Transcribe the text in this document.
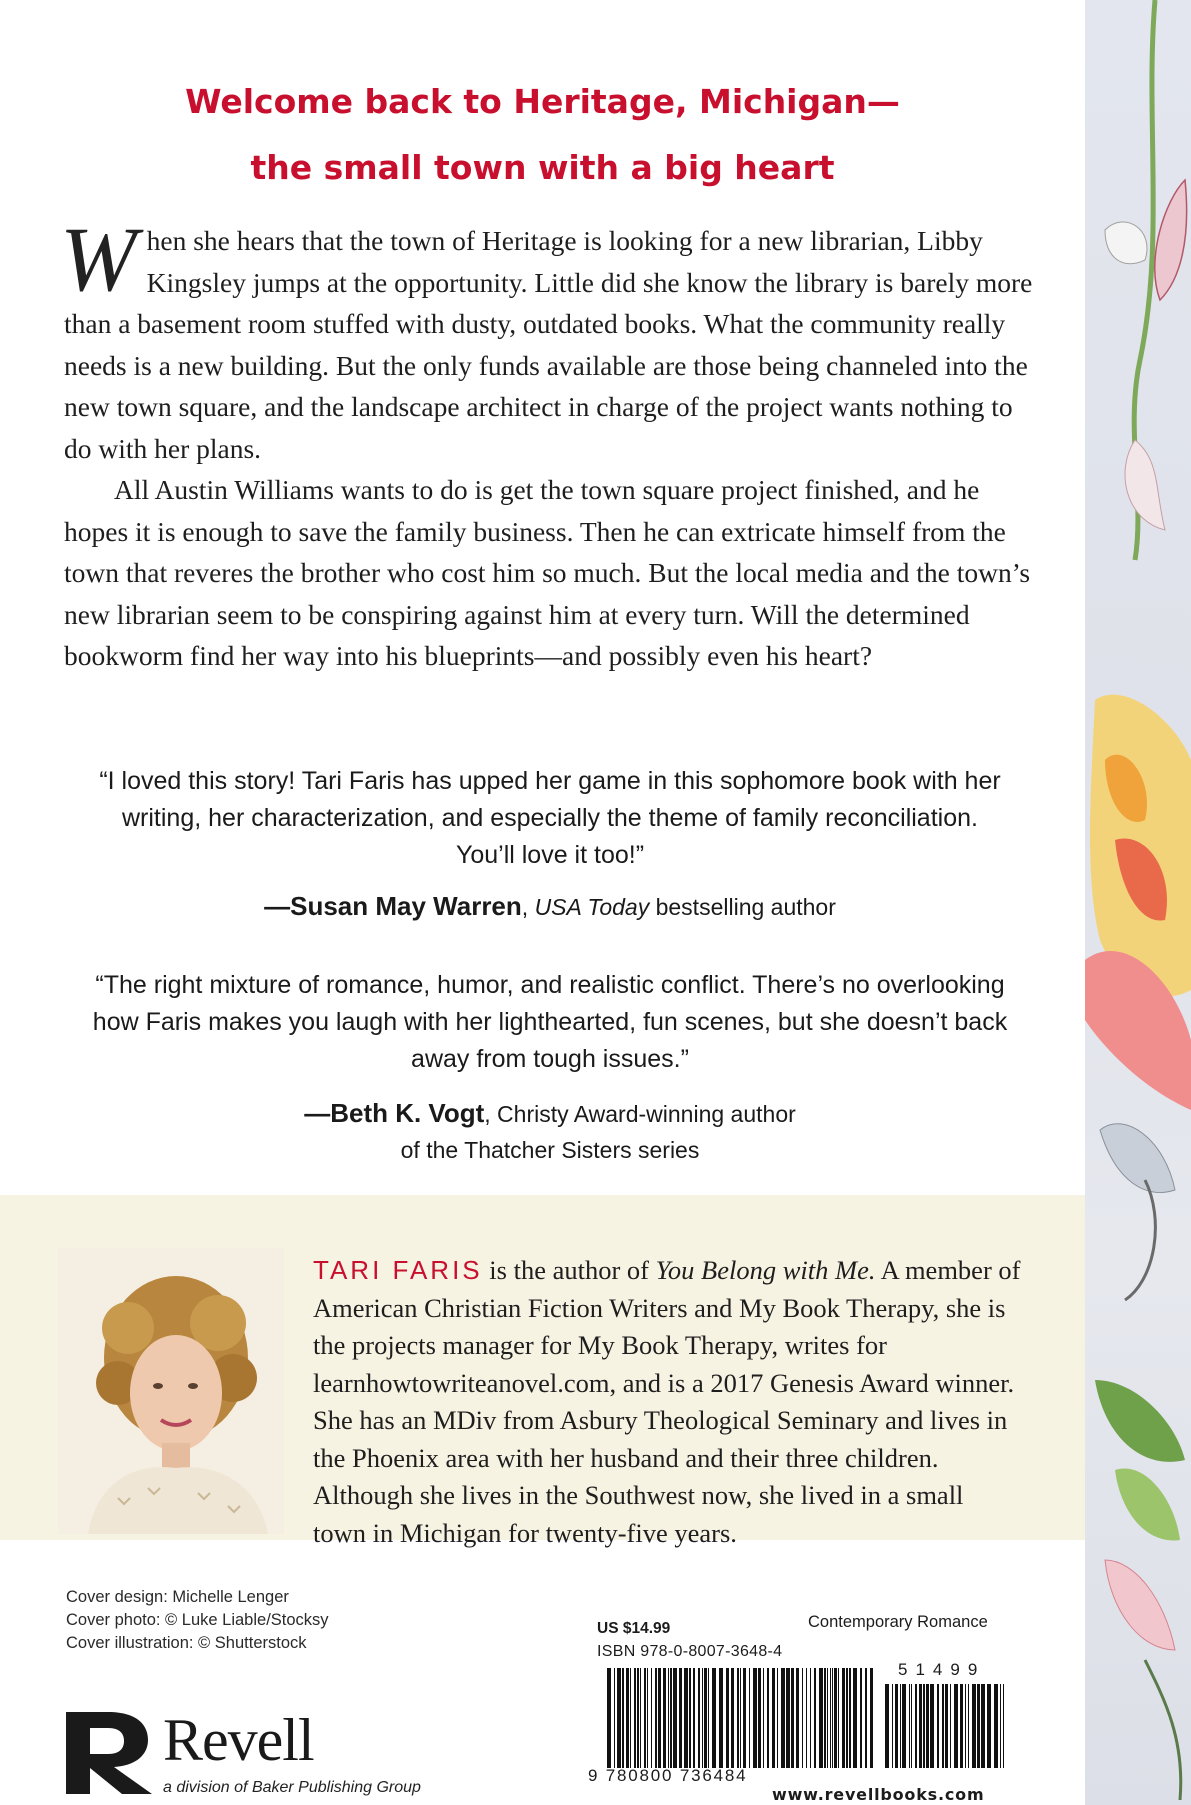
Welcome back to Heritage, Michigan—

the small town with a big heart

When she hears that the town of Heritage is looking for a new librarian, Libby Kingsley jumps at the opportunity. Little did she know the library is barely more than a basement room stuffed with dusty, outdated books. What the community really needs is a new building. But the only funds available are those being channeled into the new town square, and the landscape architect in charge of the project wants nothing to do with her plans.

All Austin Williams wants to do is get the town square project finished, and he hopes it is enough to save the family business. Then he can extricate himself from the town that reveres the brother who cost him so much. But the local media and the town’s new librarian seem to be conspiring against him at every turn. Will the determined bookworm find her way into his blueprints—and possibly even his heart?

“I loved this story! Tari Faris has upped her game in this sophomore book with her writing, her characterization, and especially the theme of family reconciliation. You’ll love it too!”

—Susan May Warren, USA Today bestselling author

“The right mixture of romance, humor, and realistic conflict. There’s no overlooking how Faris makes you laugh with her lighthearted, fun scenes, but she doesn’t back away from tough issues.”

—Beth K. Vogt, Christy Award-winning author
of the Thatcher Sisters series

TARI FARIS is the author of You Belong with Me. A member of American Christian Fiction Writers and My Book Therapy, she is the projects manager for My Book Therapy, writes for learnhowtowriteanovel.com, and is a 2017 Genesis Award winner. She has an MDiv from Asbury Theological Seminary and lives in the Phoenix area with her husband and their three children. Although she lives in the Southwest now, she lived in a small town in Michigan for twenty-five years.

Cover design: Michelle Lenger
Cover photo: © Luke Liable/Stocksy
Cover illustration: © Shutterstock

Revell

a division of Baker Publishing Group

US $14.99	Contemporary Romance

ISBN 978-0-8007-3648-4

51499

9 780800 736484

www.revellbooks.com
